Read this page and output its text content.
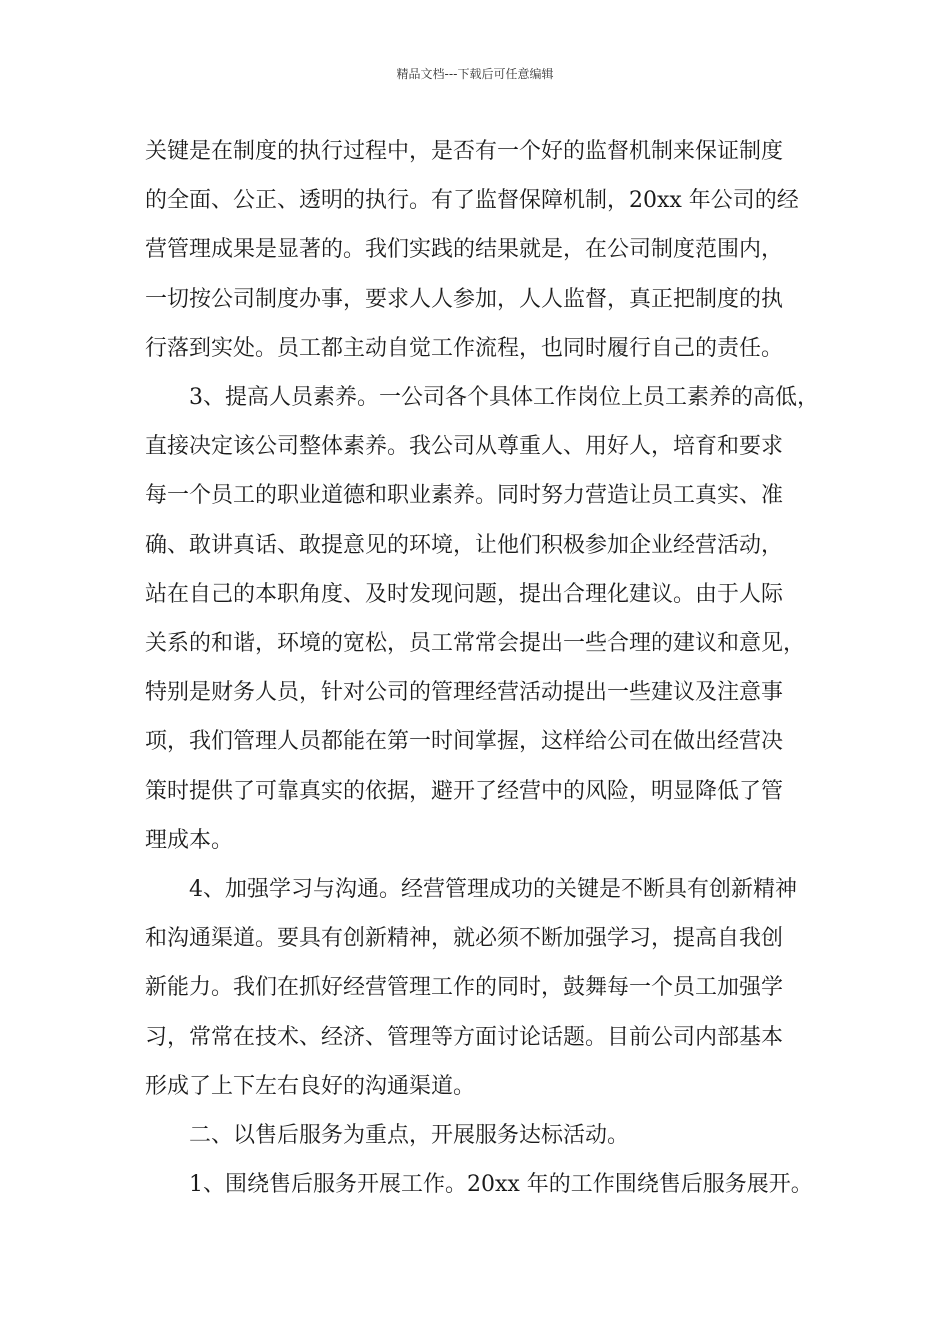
精品文档---下载后可任意编辑
关键是在制度的执行过程中，是否有一个好的监督机制来保证制度
的全面、公正、透明的执行。有了监督保障机制，20xx 年公司的经
营管理成果是显著的。我们实践的结果就是，在公司制度范围内，
一切按公司制度办事，要求人人参加，人人监督，真正把制度的执
行落到实处。员工都主动自觉工作流程，也同时履行自己的责任。
3、提高人员素养。一公司各个具体工作岗位上员工素养的高低，
直接决定该公司整体素养。我公司从尊重人、用好人，培育和要求
每一个员工的职业道德和职业素养。同时努力营造让员工真实、准
确、敢讲真话、敢提意见的环境，让他们积极参加企业经营活动，
站在自己的本职角度、及时发现问题，提出合理化建议。由于人际
关系的和谐，环境的宽松，员工常常会提出一些合理的建议和意见，
特别是财务人员，针对公司的管理经营活动提出一些建议及注意事
项，我们管理人员都能在第一时间掌握，这样给公司在做出经营决
策时提供了可靠真实的依据，避开了经营中的风险，明显降低了管
理成本。
4、加强学习与沟通。经营管理成功的关键是不断具有创新精神
和沟通渠道。要具有创新精神，就必须不断加强学习，提高自我创
新能力。我们在抓好经营管理工作的同时，鼓舞每一个员工加强学
习，常常在技术、经济、管理等方面讨论话题。目前公司内部基本
形成了上下左右良好的沟通渠道。
二、以售后服务为重点，开展服务达标活动。
1、围绕售后服务开展工作。20xx 年的工作围绕售后服务展开。
